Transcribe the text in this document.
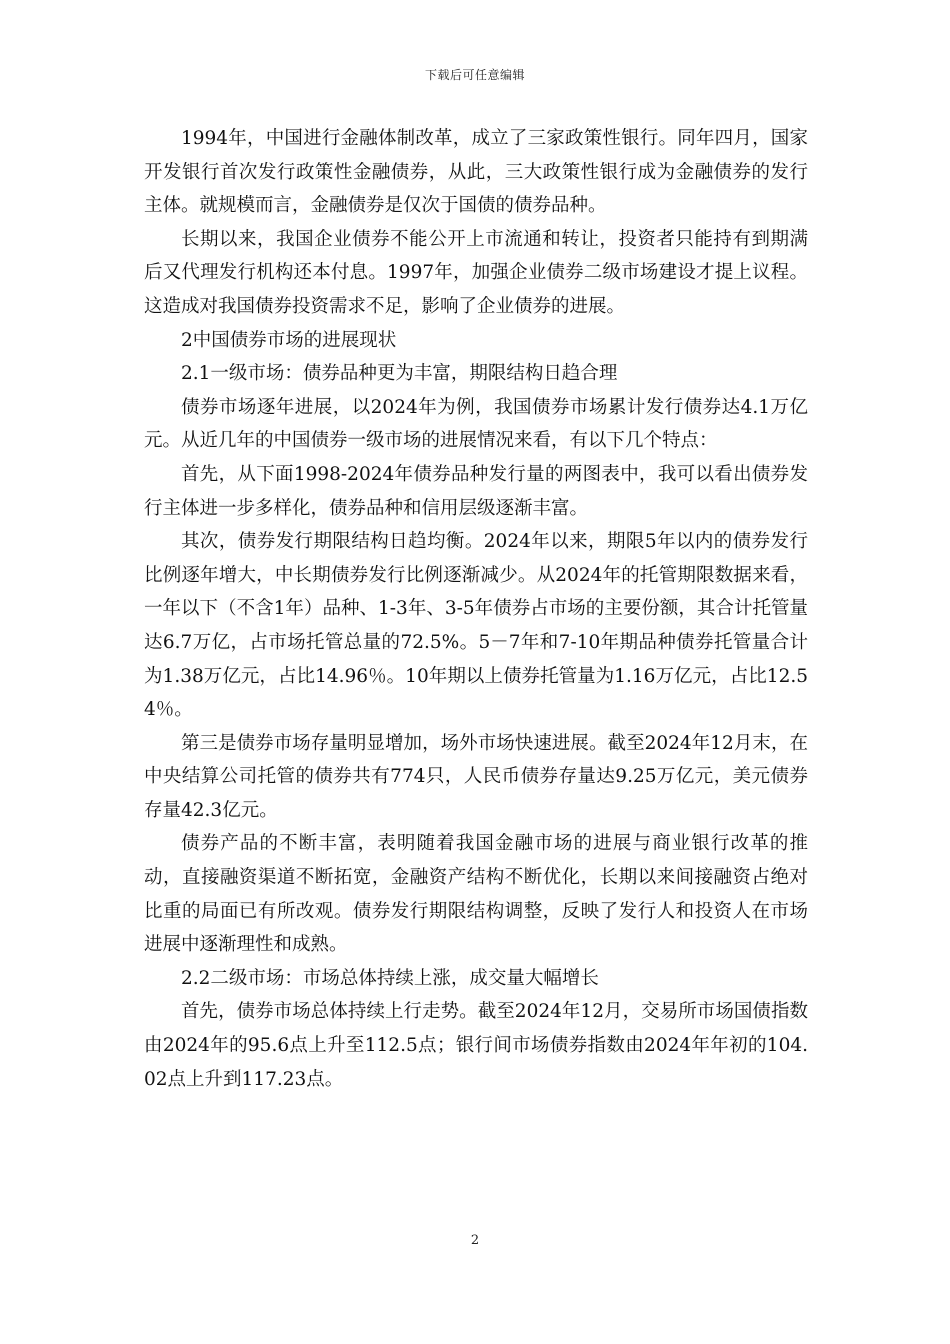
下载后可任意编辑

1994年，中国进行金融体制改革，成立了三家政策性银行。同年四月，国家开发银行首次发行政策性金融债券，从此，三大政策性银行成为金融债券的发行主体。就规模而言，金融债券是仅次于国债的债券品种。

长期以来，我国企业债券不能公开上市流通和转让，投资者只能持有到期满后又代理发行机构还本付息。1997年，加强企业债券二级市场建设才提上议程。这造成对我国债券投资需求不足，影响了企业债券的进展。

2中国债券市场的进展现状

2.1一级市场：债券品种更为丰富，期限结构日趋合理

债券市场逐年进展，以2024年为例，我国债券市场累计发行债券达4.1万亿元。从近几年的中国债券一级市场的进展情况来看，有以下几个特点：

首先，从下面1998-2024年债券品种发行量的两图表中，我可以看出债券发行主体进一步多样化，债券品种和信用层级逐渐丰富。

其次，债券发行期限结构日趋均衡。2024年以来，期限5年以内的债券发行比例逐年增大，中长期债券发行比例逐渐减少。从2024年的托管期限数据来看，一年以下（不含1年）品种、1-3年、3-5年债券占市场的主要份额，其合计托管量达6.7万亿，占市场托管总量的72.5%。5－7年和7-10年期品种债券托管量合计为1.38万亿元，占比14.96％。10年期以上债券托管量为1.16万亿元，占比12.54％。

第三是债券市场存量明显增加，场外市场快速进展。截至2024年12月末，在中央结算公司托管的债券共有774只，人民币债券存量达9.25万亿元，美元债券存量42.3亿元。

债券产品的不断丰富，表明随着我国金融市场的进展与商业银行改革的推动，直接融资渠道不断拓宽，金融资产结构不断优化，长期以来间接融资占绝对比重的局面已有所改观。债券发行期限结构调整，反映了发行人和投资人在市场进展中逐渐理性和成熟。

2.2二级市场：市场总体持续上涨，成交量大幅增长

首先，债券市场总体持续上行走势。截至2024年12月，交易所市场国债指数由2024年的95.6点上升至112.5点；银行间市场债券指数由2024年年初的104.02点上升到117.23点。

2
